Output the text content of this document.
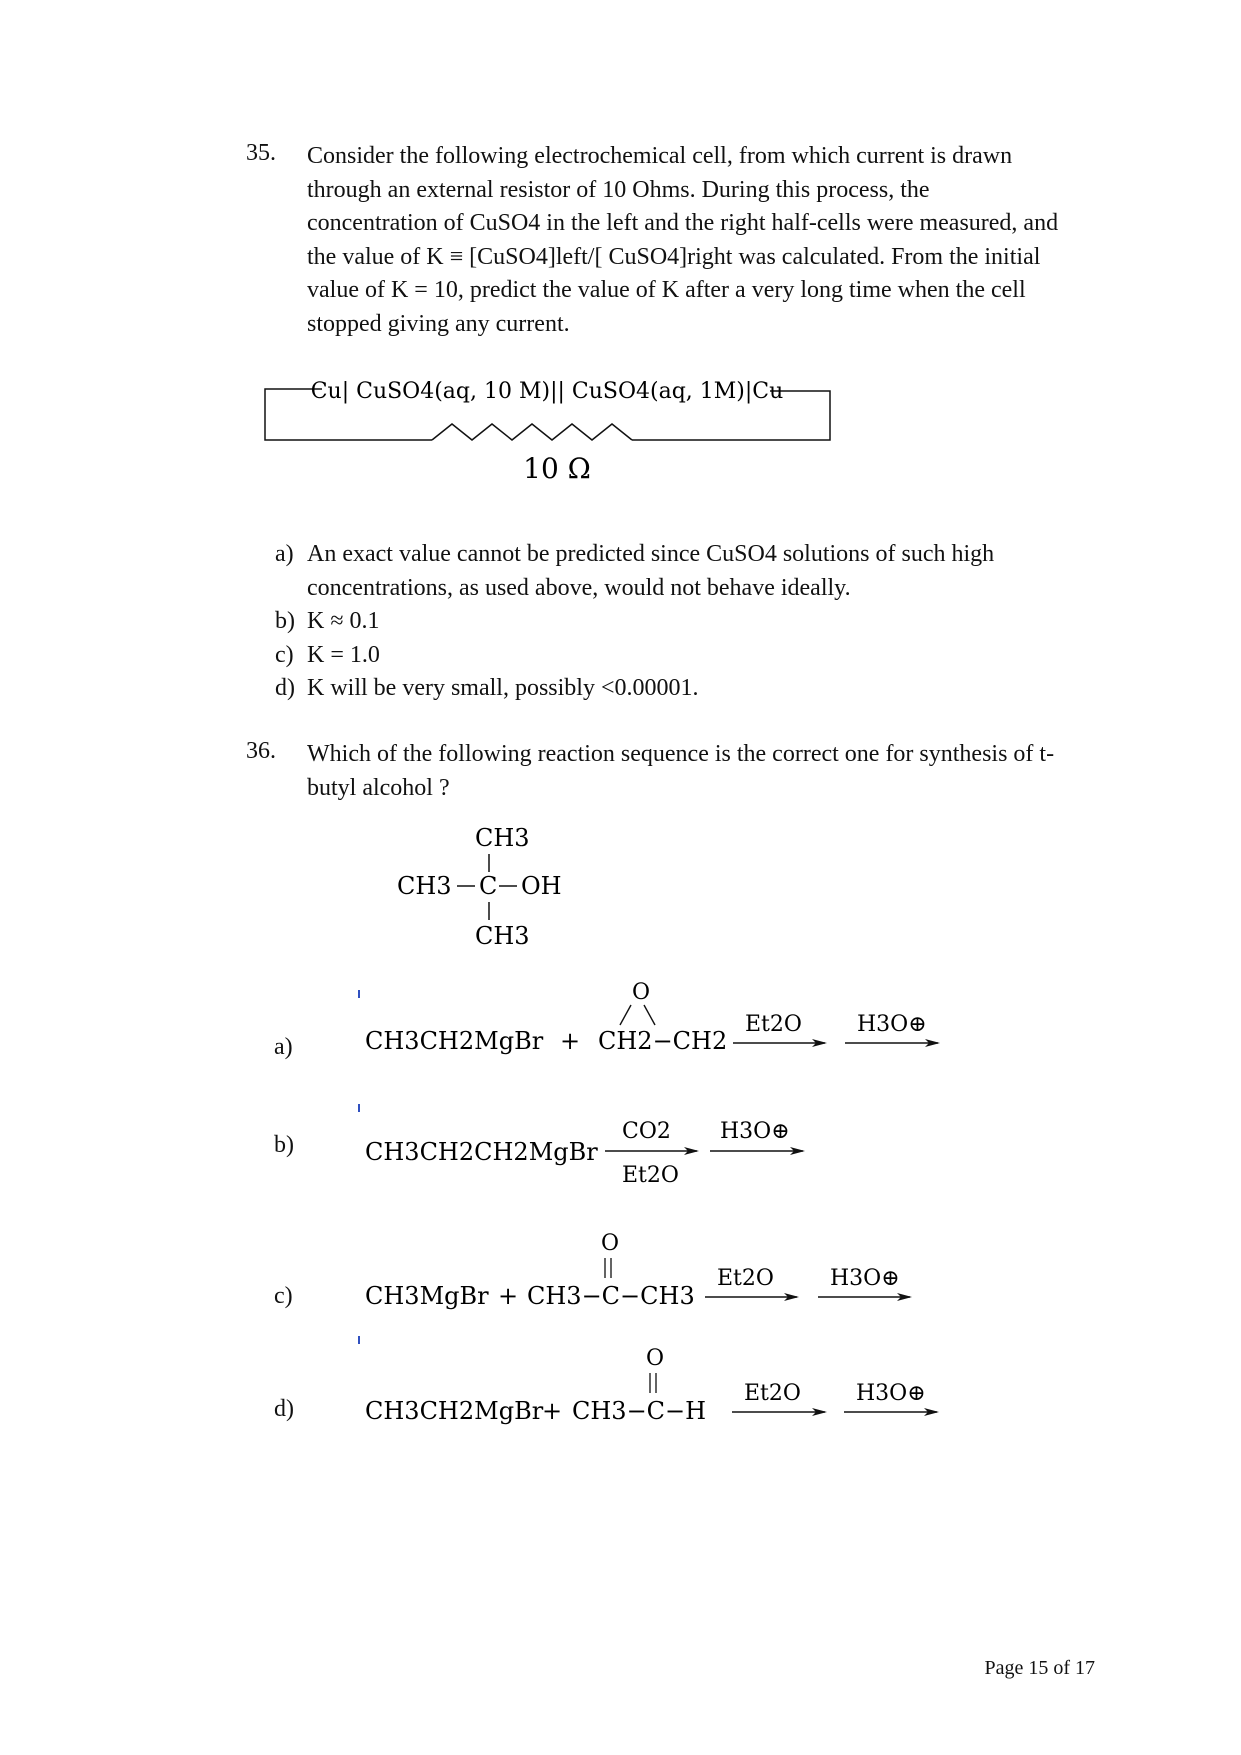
35. Consider the following electrochemical cell, from which current is drawn
through an external resistor of 10 Ohms. During this process, the
concentration of CuSO4 in the left and the right half-cells were measured, and
the value of K ≡ [CuSO4]left/[ CuSO4]right was calculated. From the initial
value of K = 10, predict the value of K after a very long time when the cell
stopped giving any current.
Cu| CuSO4(aq, 10 M)|| CuSO4(aq, 1M)|Cu
10 Ω
a) An exact value cannot be predicted since CuSO4 solutions of such high concentrations, as used above, would not behave ideally.
b) K ≈ 0.1
c) K = 1.0
d) K will be very small, possibly <0.00001.
36. Which of the following reaction sequence is the correct one for synthesis of t-
butyl alcohol ?
CH3
CH3 C OH
CH3
a)	CH3CH2MgBr +
O
CH2−CH2
Et2O	H3O⊕
b)	CH3CH2CH2MgBr
CO2
Et2O
H3O⊕
c)	CH3MgBr +
O
CH3−C−CH3
Et2O	H3O⊕
d)	CH3CH2MgBr
+
O
CH3−C−H
Et2O	H3O⊕
Page 15 of 17
